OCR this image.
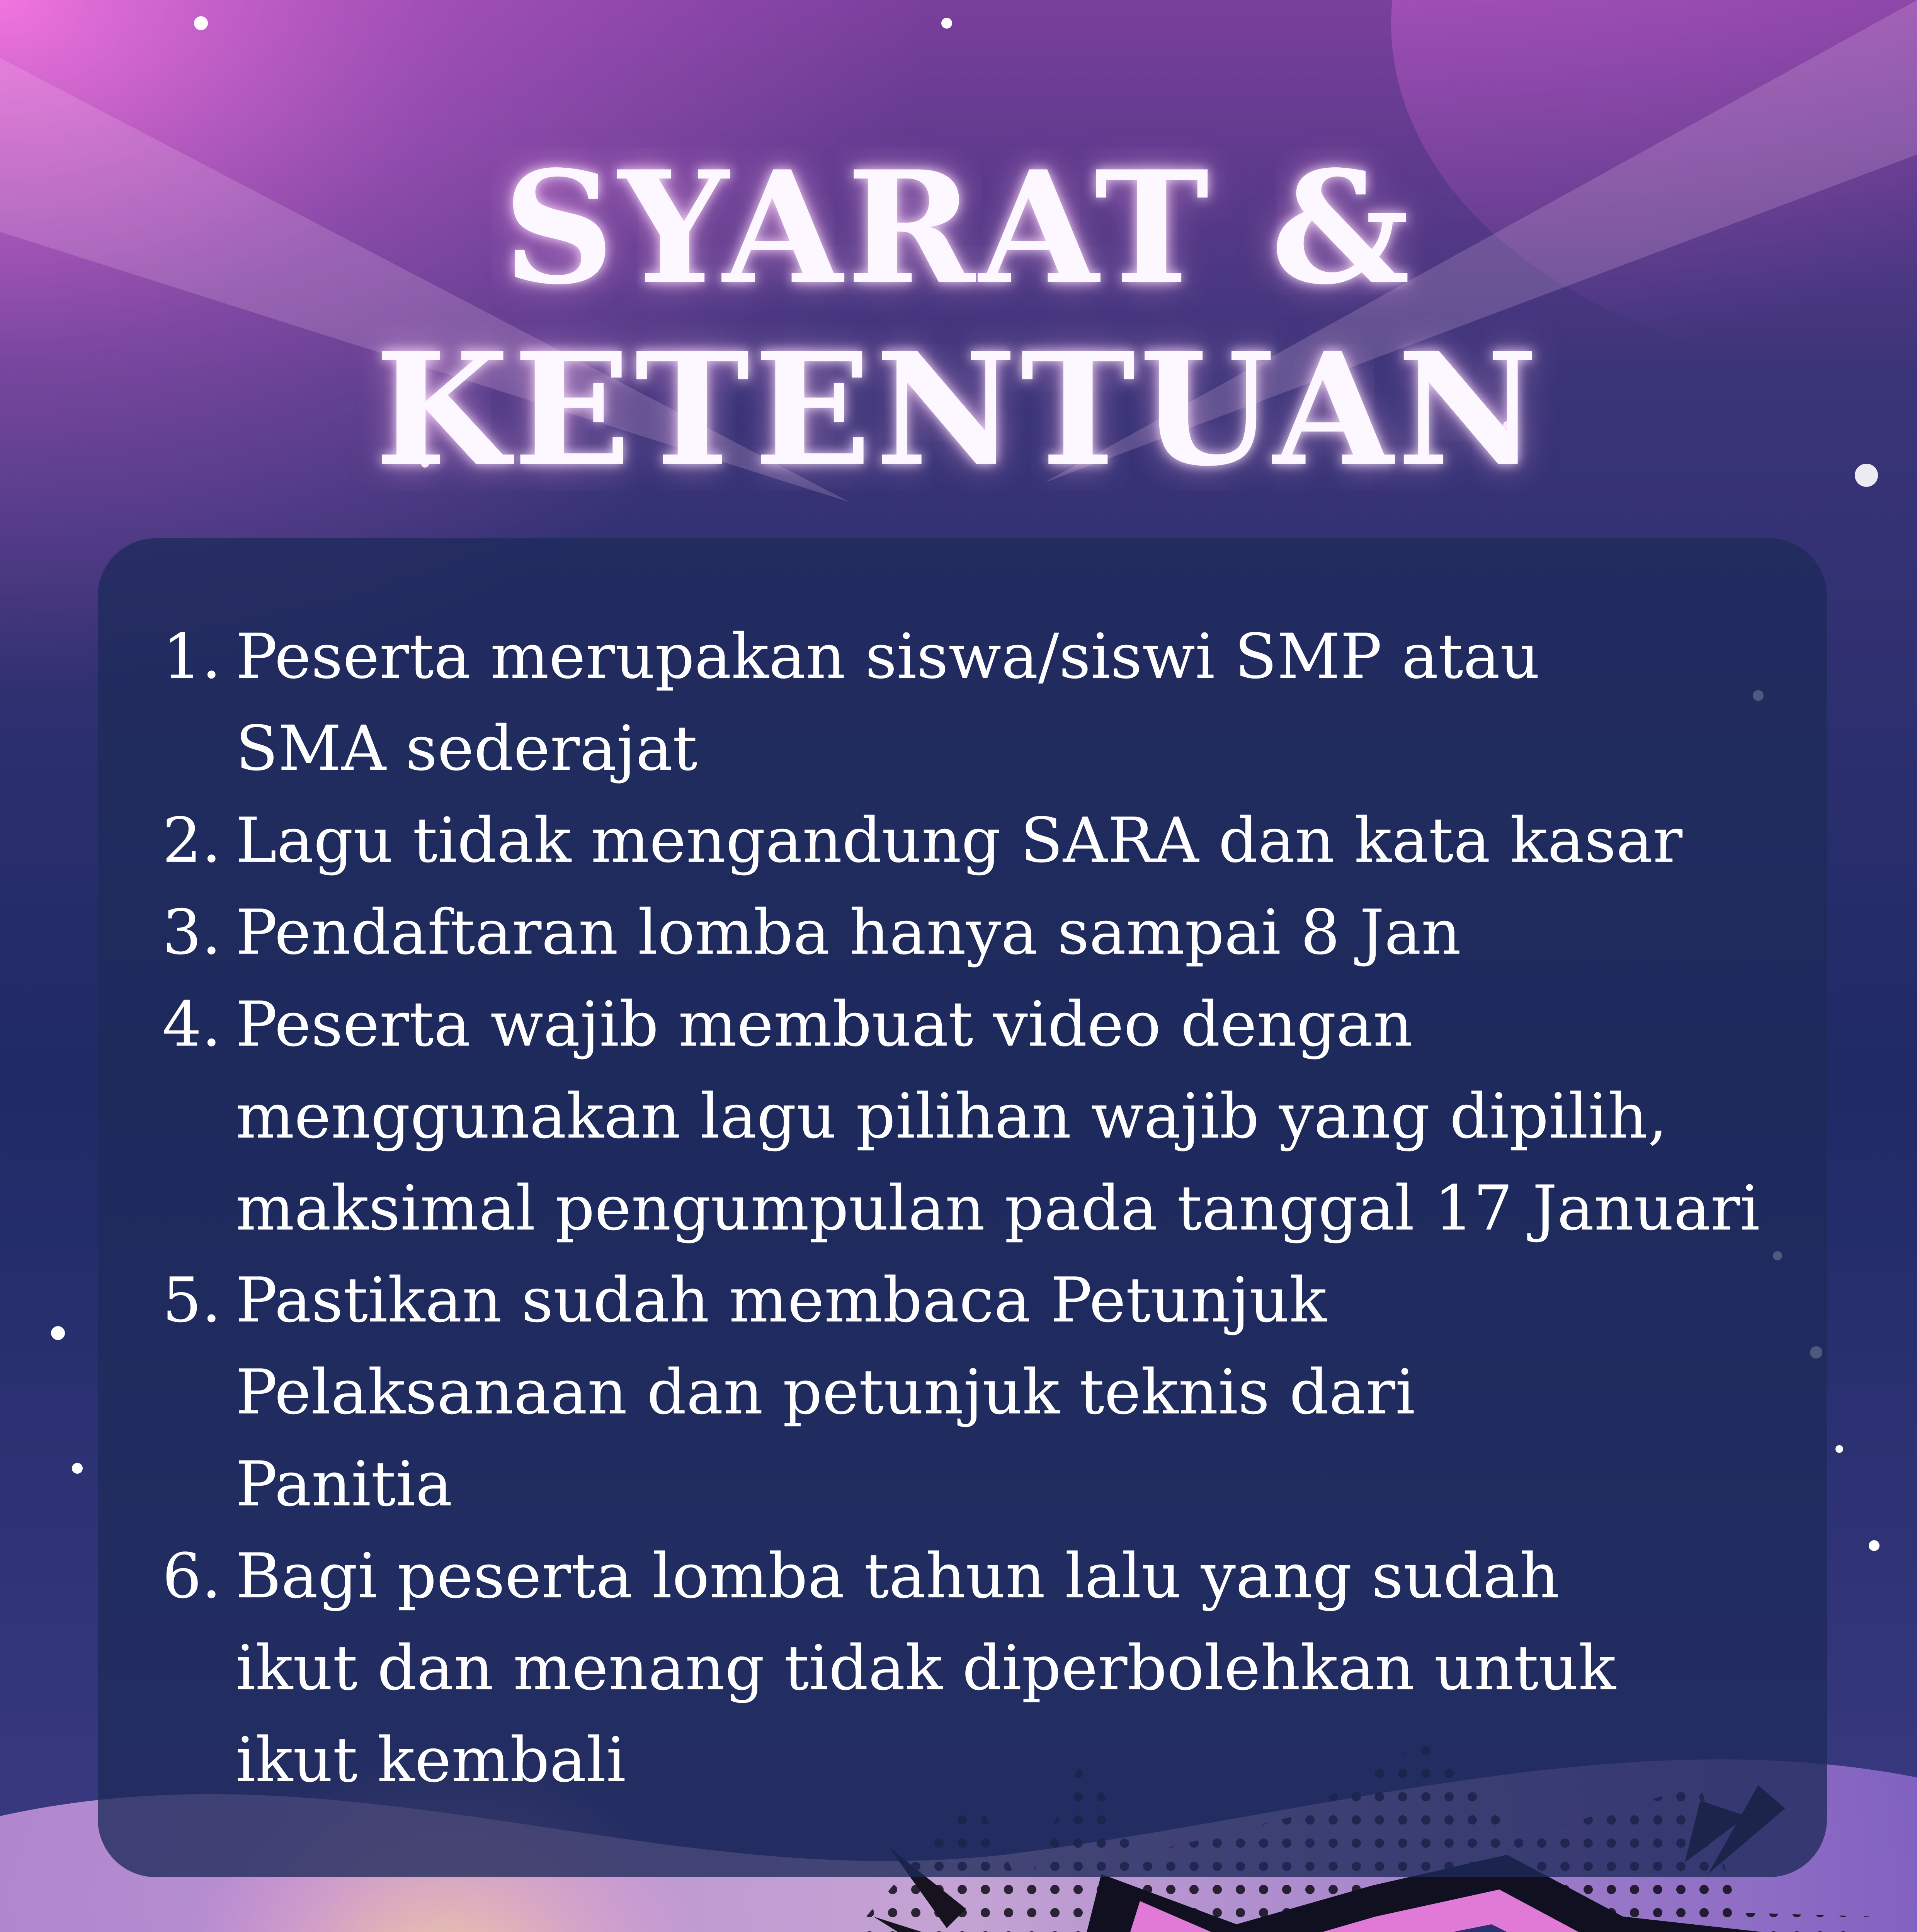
SYARAT &
KETENTUAN
1. Peserta merupakan siswa/siswi SMP atau
SMA sederajat
2. Lagu tidak mengandung SARA dan kata kasar
3. Pendaftaran lomba hanya sampai 8 Jan
4. Peserta wajib membuat video dengan
menggunakan lagu pilihan wajib yang dipilih,
maksimal pengumpulan pada tanggal 17 Januari
5. Pastikan sudah membaca Petunjuk
Pelaksanaan dan petunjuk teknis dari
Panitia
6. Bagi peserta lomba tahun lalu yang sudah
ikut dan menang tidak diperbolehkan untuk
ikut kembali
